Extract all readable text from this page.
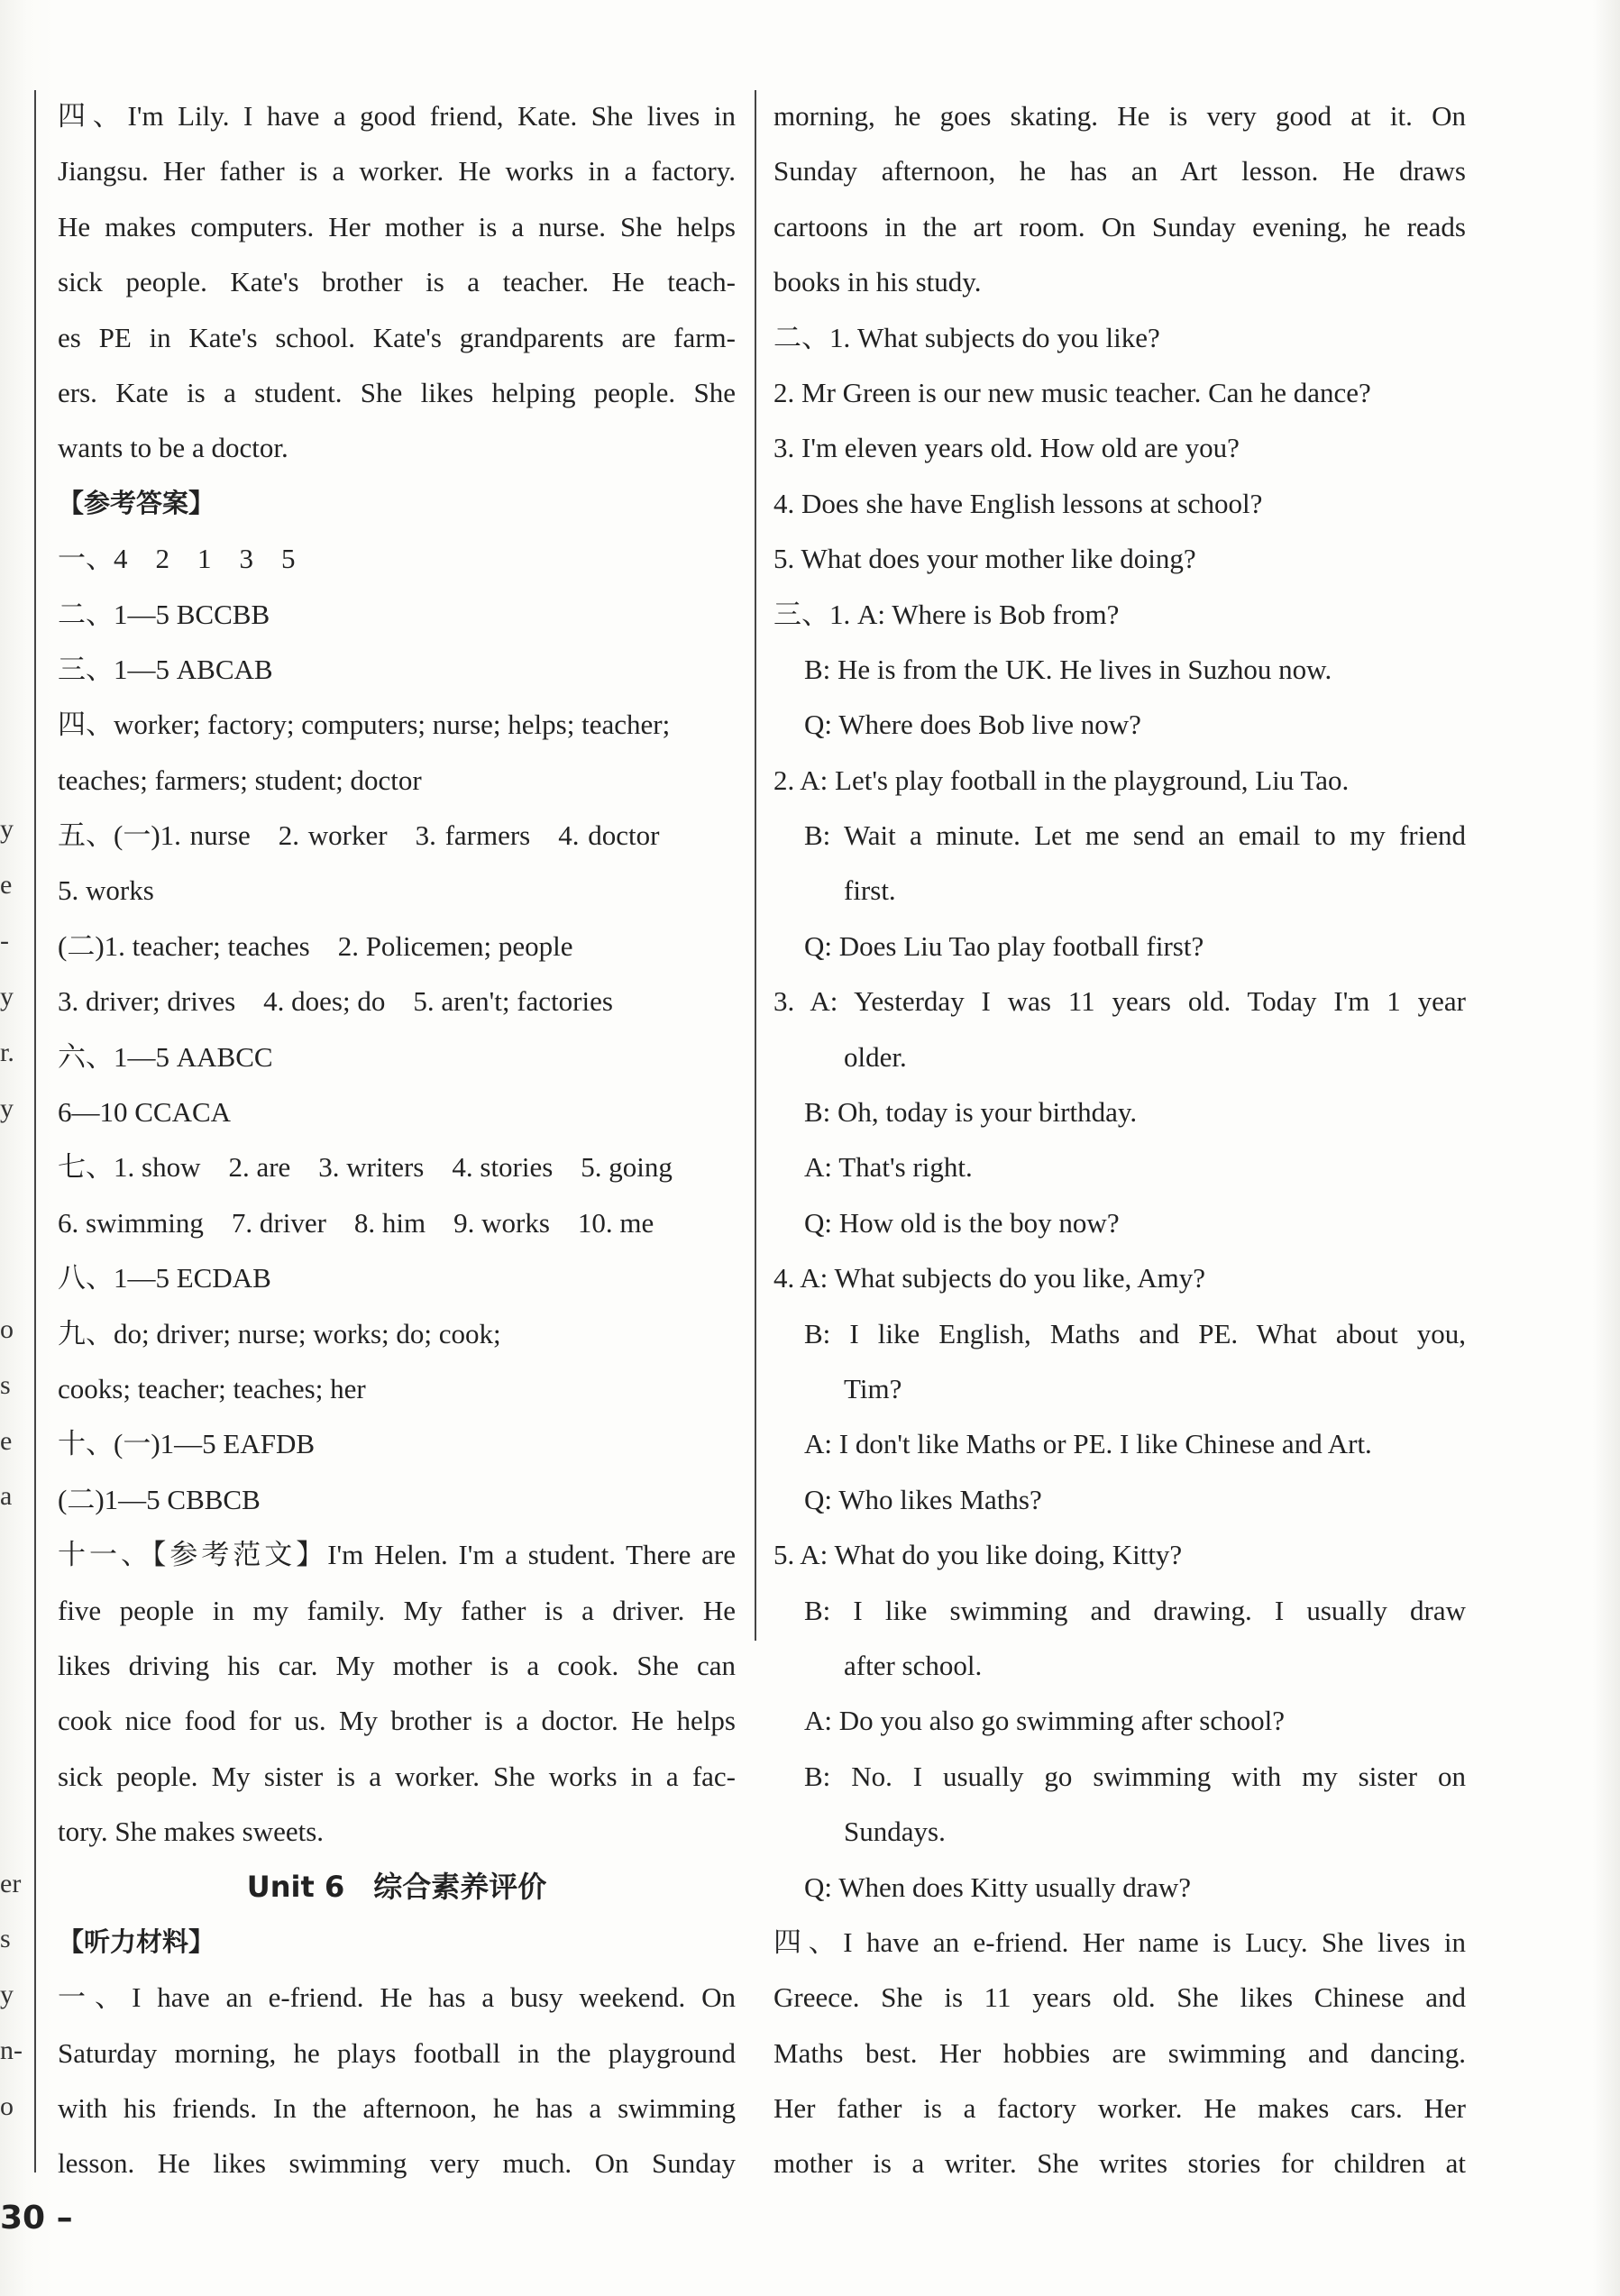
y
e
-
y
r.
y
o
s
e
a
er
s
y
n-
o
四、I'm Lily. I have a good friend, Kate. She lives in
Jiangsu. Her father is a worker. He works in a factory.
He makes computers. Her mother is a nurse. She helps
sick people. Kate's brother is a teacher. He teach-
es PE in Kate's school. Kate's grandparents are farm-
ers. Kate is a student. She likes helping people. She
wants to be a doctor.
【参考答案】
一、4　2　1　3　5
二、1—5 BCCBB
三、1—5 ABCAB
四、worker; factory; computers; nurse; helps; teacher;
teaches; farmers; student; doctor
五、(一)1. nurse　2. worker　3. farmers　4. doctor
5. works
(二)1. teacher; teaches　2. Policemen; people
3. driver; drives　4. does; do　5. aren't; factories
六、1—5 AABCC
6—10 CCACA
七、1. show　2. are　3. writers　4. stories　5. going
6. swimming　7. driver　8. him　9. works　10. me
八、1—5 ECDAB
九、do; driver; nurse; works; do; cook;
cooks; teacher; teaches; her
十、(一)1—5 EAFDB
(二)1—5 CBBCB
十一、【参考范文】I'm Helen. I'm a student. There are
five people in my family. My father is a driver. He
likes driving his car. My mother is a cook. She can
cook nice food for us. My brother is a doctor. He helps
sick people. My sister is a worker. She works in a fac-
tory. She makes sweets.
Unit 6　综合素养评价
【听力材料】
一、I have an e-friend. He has a busy weekend. On
Saturday morning, he plays football in the playground
with his friends. In the afternoon, he has a swimming
lesson. He likes swimming very much. On Sunday
morning, he goes skating. He is very good at it. On
Sunday afternoon, he has an Art lesson. He draws
cartoons in the art room. On Sunday evening, he reads
books in his study.
二、1. What subjects do you like?
2. Mr Green is our new music teacher. Can he dance?
3. I'm eleven years old. How old are you?
4. Does she have English lessons at school?
5. What does your mother like doing?
三、1. A: Where is Bob from?
B: He is from the UK. He lives in Suzhou now.
Q: Where does Bob live now?
2. A: Let's play football in the playground, Liu Tao.
B: Wait a minute. Let me send an email to my friend
first.
Q: Does Liu Tao play football first?
3. A: Yesterday I was 11 years old. Today I'm 1 year
older.
B: Oh, today is your birthday.
A: That's right.
Q: How old is the boy now?
4. A: What subjects do you like, Amy?
B: I like English, Maths and PE. What about you,
Tim?
A: I don't like Maths or PE. I like Chinese and Art.
Q: Who likes Maths?
5. A: What do you like doing, Kitty?
B: I like swimming and drawing. I usually draw
after school.
A: Do you also go swimming after school?
B: No. I usually go swimming with my sister on
Sundays.
Q: When does Kitty usually draw?
四、I have an e-friend. Her name is Lucy. She lives in
Greece. She is 11 years old. She likes Chinese and
Maths best. Her hobbies are swimming and dancing.
Her father is a factory worker. He makes cars. Her
mother is a writer. She writes stories for children at
30 –
